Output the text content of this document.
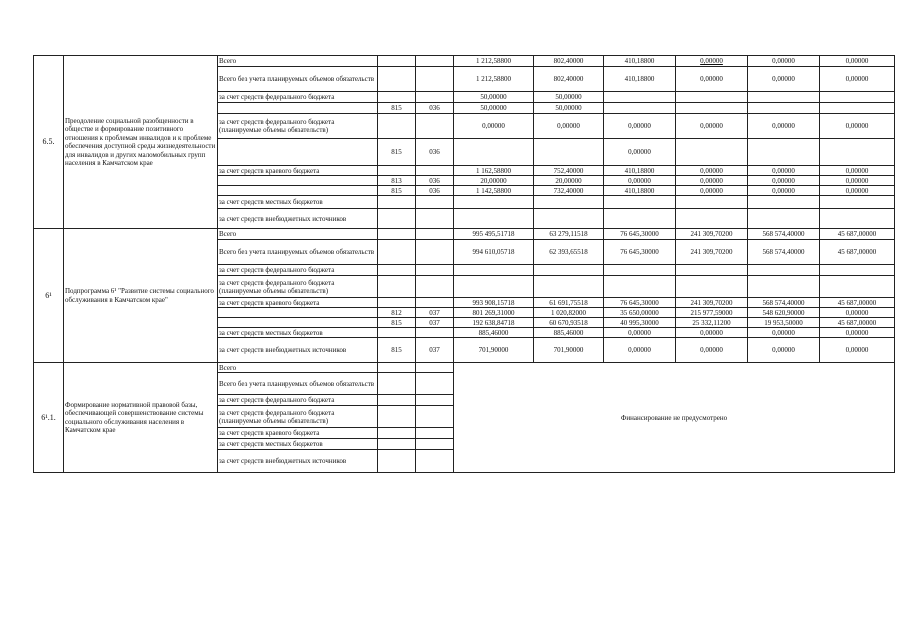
6.5.	Преодоление социальной разобщенности в обществе и формирование позитивного отношения к проблемам инвалидов и к проблеме обеспечения доступной среды жизнедеятельности для инвалидов и других маломобильных групп населения в Камчатском крае	Всего			1 212,58800	802,40000	410,18800	0,00000	0,00000	0,00000
		Всего без учета планируемых объемов обязательств			1 212,58800	802,40000	410,18800	0,00000	0,00000	0,00000
		за счет средств федерального бюджета			50,00000	50,00000				
			815	036	50,00000	50,00000				
		за счет средств федерального бюджета (планируемые объемы обязательств)			0,00000	0,00000	0,00000	0,00000	0,00000	0,00000
			815	036			0,00000			
		за счет средств краевого бюджета			1 162,58800	752,40000	410,18800	0,00000	0,00000	0,00000
			813	036	20,00000	20,00000	0,00000	0,00000	0,00000	0,00000
			815	036	1 142,58800	732,40000	410,18800	0,00000	0,00000	0,00000
		за счет средств местных бюджетов								
		за счет средств внебюджетных источников								
6¹	Подпрограмма 6¹ "Развитие системы социального обслуживания в Камчатском крае"	Всего			995 495,51718	63 279,11518	76 645,30000	241 309,70200	568 574,40000	45 687,00000
		Всего без учета планируемых объемов обязательств			994 610,05718	62 393,65518	76 645,30000	241 309,70200	568 574,40000	45 687,00000
		за счет средств федерального бюджета								
		за счет средств федерального бюджета (планируемые объемы обязательств)								
		за счет средств краевого бюджета			993 908,15718	61 691,75518	76 645,30000	241 309,70200	568 574,40000	45 687,00000
			812	037	801 269,31000	1 020,82000	35 650,00000	215 977,59000	548 620,90000	0,00000
			815	037	192 638,84718	60 670,93518	40 995,30000	25 332,11200	19 953,50000	45 687,00000
		за счет средств местных бюджетов			885,46000	885,46000	0,00000	0,00000	0,00000	0,00000
		за счет средств внебюджетных источников	815	037	701,90000	701,90000	0,00000	0,00000	0,00000	0,00000
6¹.1.	Формирование нормативной правовой базы, обеспечивающей совершенствование системы социального обслуживания населения в Камчатском крае	Всего			Финансирование не предусмотрено					
		Всего без учета планируемых объемов обязательств								
		за счет средств федерального бюджета								
		за счет средств федерального бюджета (планируемые объемы обязательств)								
		за счет средств краевого бюджета								
		за счет средств местных бюджетов								
		за счет средств внебюджетных источников								
